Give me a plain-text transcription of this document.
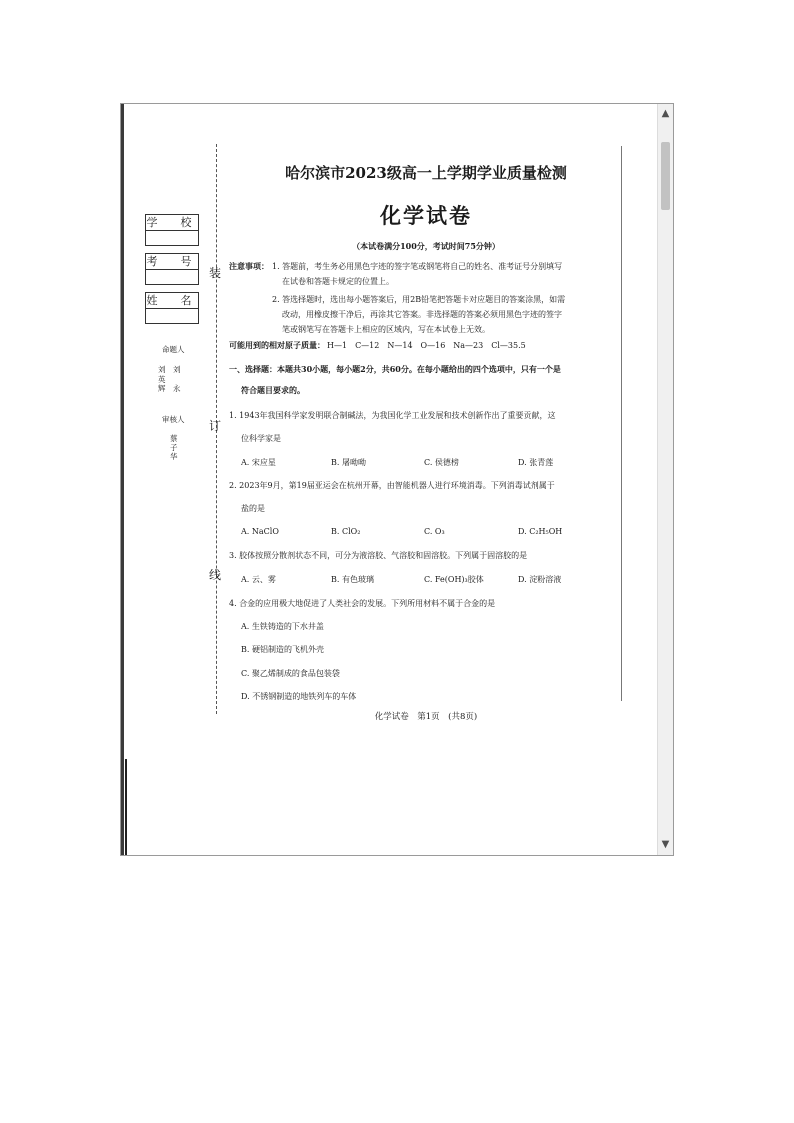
装
订
线
学　校
考　号
姓　名
命题人
刘　刘
英　
辉　永
审核人
蔡
子
华
哈尔滨市2023级高一上学期学业质量检测
化学试卷
（本试卷满分100分，考试时间75分钟）
注意事项： 1. 答题前，考生务必用黑色字迹的签字笔或钢笔将自己的姓名、准考证号分别填写
在试卷和答题卡规定的位置上。
2. 答选择题时，选出每小题答案后，用2B铅笔把答题卡对应题目的答案涂黑，如需
改动，用橡皮擦干净后，再涂其它答案。非选择题的答案必须用黑色字迹的签字
笔或钢笔写在答题卡上相应的区域内，写在本试卷上无效。
可能用到的相对原子质量： H—1　C—12　N—14　O—16　Na—23　Cl—35.5
一、选择题：本题共30小题，每小题2分，共60分。在每小题给出的四个选项中，只有一个是
符合题目要求的。
1. 1943年我国科学家发明联合制碱法，为我国化学工业发展和技术创新作出了重要贡献，这
位科学家是
A. 宋应星	B. 屠呦呦	C. 侯德榜	D. 张青莲
2. 2023年9月，第19届亚运会在杭州开幕，由智能机器人进行环境消毒。下列消毒试剂属于
盐的是
A. NaClO	B. ClO₂	C. O₃	D. C₂H₅OH
3. 胶体按照分散剂状态不同，可分为液溶胶、气溶胶和固溶胶。下列属于固溶胶的是
A. 云、雾	B. 有色玻璃	C. Fe(OH)₃胶体	D. 淀粉溶液
4. 合金的应用极大地促进了人类社会的发展。下列所用材料不属于合金的是
A. 生铁铸造的下水井盖
B. 硬铝制造的飞机外壳
C. 聚乙烯制成的食品包装袋
D. 不锈钢制造的地铁列车的车体
化学试卷　第1页　(共8页)
▲
▼
